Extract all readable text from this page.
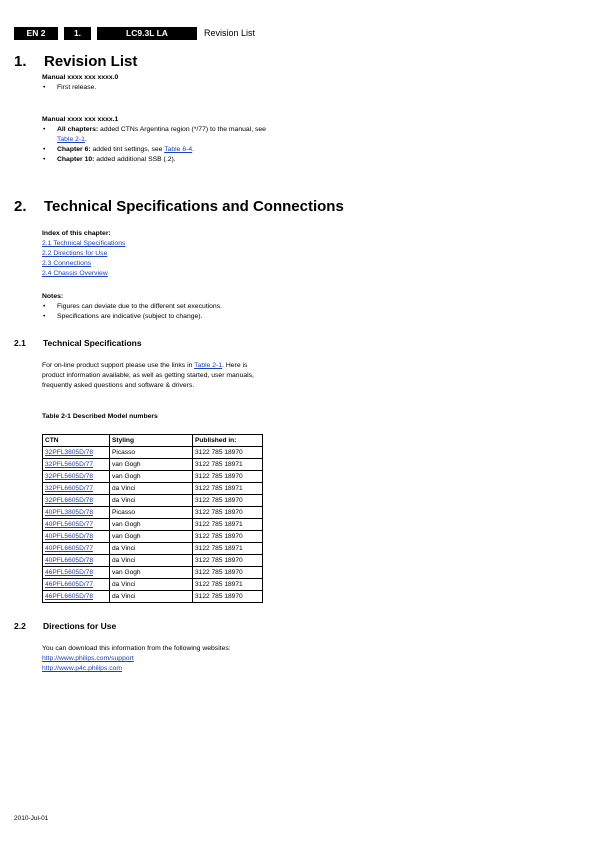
EN 2	1.	LC9.3L LA	Revision List
1. Revision List
Manual xxxx xxx xxxx.0
• First release.
Manual xxxx xxx xxxx.1
• All chapters: added CTNs Argentina region (*/77) to the manual, see Table 2-1.
• Chapter 6: added tint settings, see Table 6-4.
• Chapter 10: added additional SSB (.2).
2. Technical Specifications and Connections
Index of this chapter:
2.1 Technical Specifications
2.2 Directions for Use
2.3 Connections
2.4 Chassis Overview
Notes:
• Figures can deviate due to the different set executions.
• Specifications are indicative (subject to change).
2.1 Technical Specifications
For on-line product support please use the links in Table 2-1. Here is product information available, as well as getting started, user manuals, frequently asked questions and software & drivers.
Table 2-1 Described Model numbers
CTN	Styling	Published in:
32PFL3805D/78	Picasso	3122 785 18970
32PFL5605D/77	van Gogh	3122 785 18971
32PFL5605D/78	van Gogh	3122 785 18970
32PFL6605D/77	da Vinci	3122 785 18971
32PFL6605D/78	da Vinci	3122 785 18970
40PFL3805D/78	Picasso	3122 785 18970
40PFL5605D/77	van Gogh	3122 785 18971
40PFL5605D/78	van Gogh	3122 785 18970
40PFL6605D/77	da Vinci	3122 785 18971
40PFL6605D/78	da Vinci	3122 785 18970
46PFL5605D/78	van Gogh	3122 785 18970
46PFL6605D/77	da Vinci	3122 785 18971
46PFL6605D/78	da Vinci	3122 785 18970
2.2 Directions for Use
You can download this information from the following websites:
http://www.philips.com/support
http://www.p4c.philips.com
2010-Jul-01
